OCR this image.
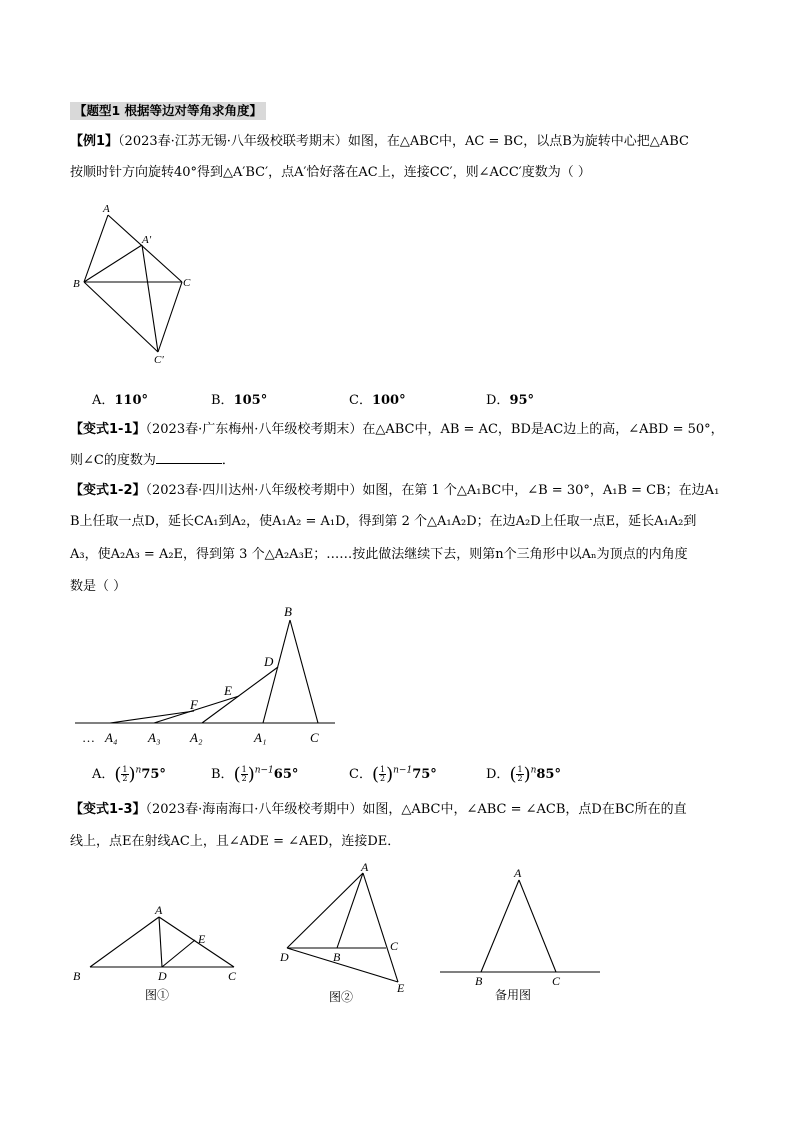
【题型1 根据等边对等角求角度】
【例1】（2023春·江苏无锡·八年级校联考期末）如图，在△ABC中，AC = BC，以点B为旋转中心把△ABC
按顺时针方向旋转40°得到△A′BC′，点A′恰好落在AC上，连接CC′，则∠ACC′度数为（ ）
A
A′
B	C
C′
A．110°	B．105°	C．100°	D．95°
【变式1-1】（2023春·广东梅州·八年级校考期末）在△ABC中，AB = AC，BD是AC边上的高，∠ABD = 50°，
则∠C的度数为	．
【变式1-2】（2023春·四川达州·八年级校考期中）如图，在第 1 个△A₁BC中，∠B = 30°，A₁B = CB；在边A₁
B上任取一点D，延长CA₁到A₂，使A₁A₂ = A₁D，得到第 2 个△A₁A₂D；在边A₂D上任取一点E，延长A₁A₂到
A₃，使A₂A₃ = A₂E，得到第 3 个△A₂A₃E；……按此做法继续下去，则第n个三角形中以Aₙ为顶点的内角度
数是（ ）
B
D
E
F
… A₄ A₃ A₂	A₁	C
A．( $\frac{1}{2} )^n75^\circ$	B．( $\frac{1}{2} )^{n-1}65^\circ$	C．( $\frac{1}{2} )^{n-1}75^\circ$	D．( $\frac{1}{2} )^n85^\circ$
【变式1-3】（2023春·海南海口·八年级校考期中）如图，△ABC中，∠ABC = ∠ACB，点D在BC所在的直
线上，点E在射线AC上，且∠ADE = ∠AED，连接DE．
A
E
B	D	C
图①
A
C
D	B
E
图②
A
B	C
备用图
